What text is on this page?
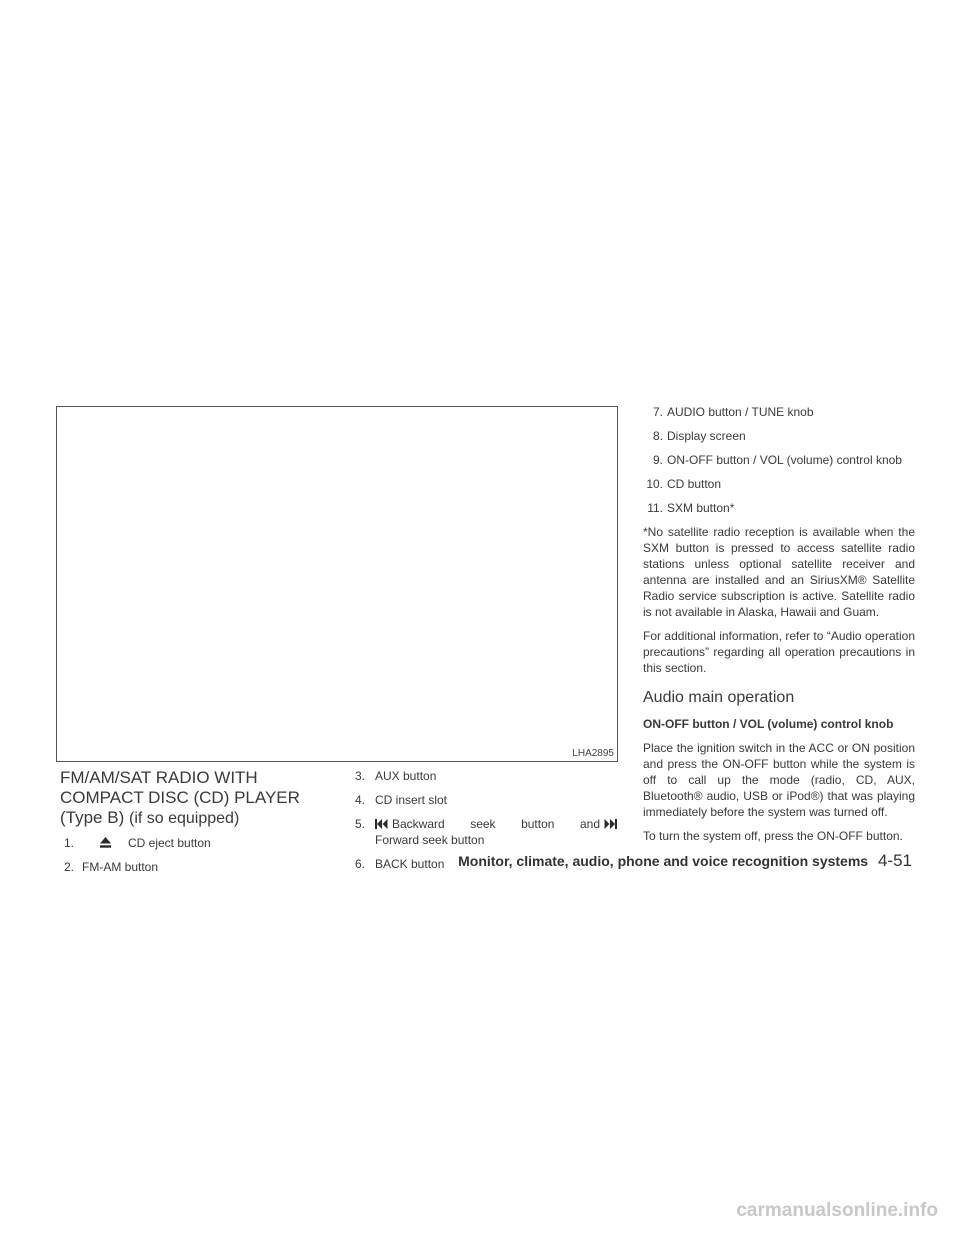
LHA2895
FM/AM/SAT RADIO WITH COMPACT DISC (CD) PLAYER (Type B) (if so equipped)
1.	CD eject button
2. FM-AM button
3. AUX button
4. CD insert slot
5.	Backward seek button and
Forward seek button
6. BACK button
7. AUDIO button / TUNE knob
8. Display screen
9. ON-OFF button / VOL (volume) control knob
10. CD button
11. SXM button*

*No satellite radio reception is available when the SXM button is pressed to access satellite radio stations unless optional satellite receiver and antenna are installed and an SiriusXM® Satellite Radio service subscription is active. Satellite radio is not available in Alaska, Hawaii and Guam.

For additional information, refer to “Audio operation precautions” regarding all operation precautions in this section.

Audio main operation
ON-OFF button / VOL (volume) control knob

Place the ignition switch in the ACC or ON position and press the ON-OFF button while the system is off to call up the mode (radio, CD, AUX, Bluetooth® audio, USB or iPod®) that was playing immediately before the system was turned off.

To turn the system off, press the ON-OFF button.

Monitor, climate, audio, phone and voice recognition systems 4-51
carmanualsonline.info
